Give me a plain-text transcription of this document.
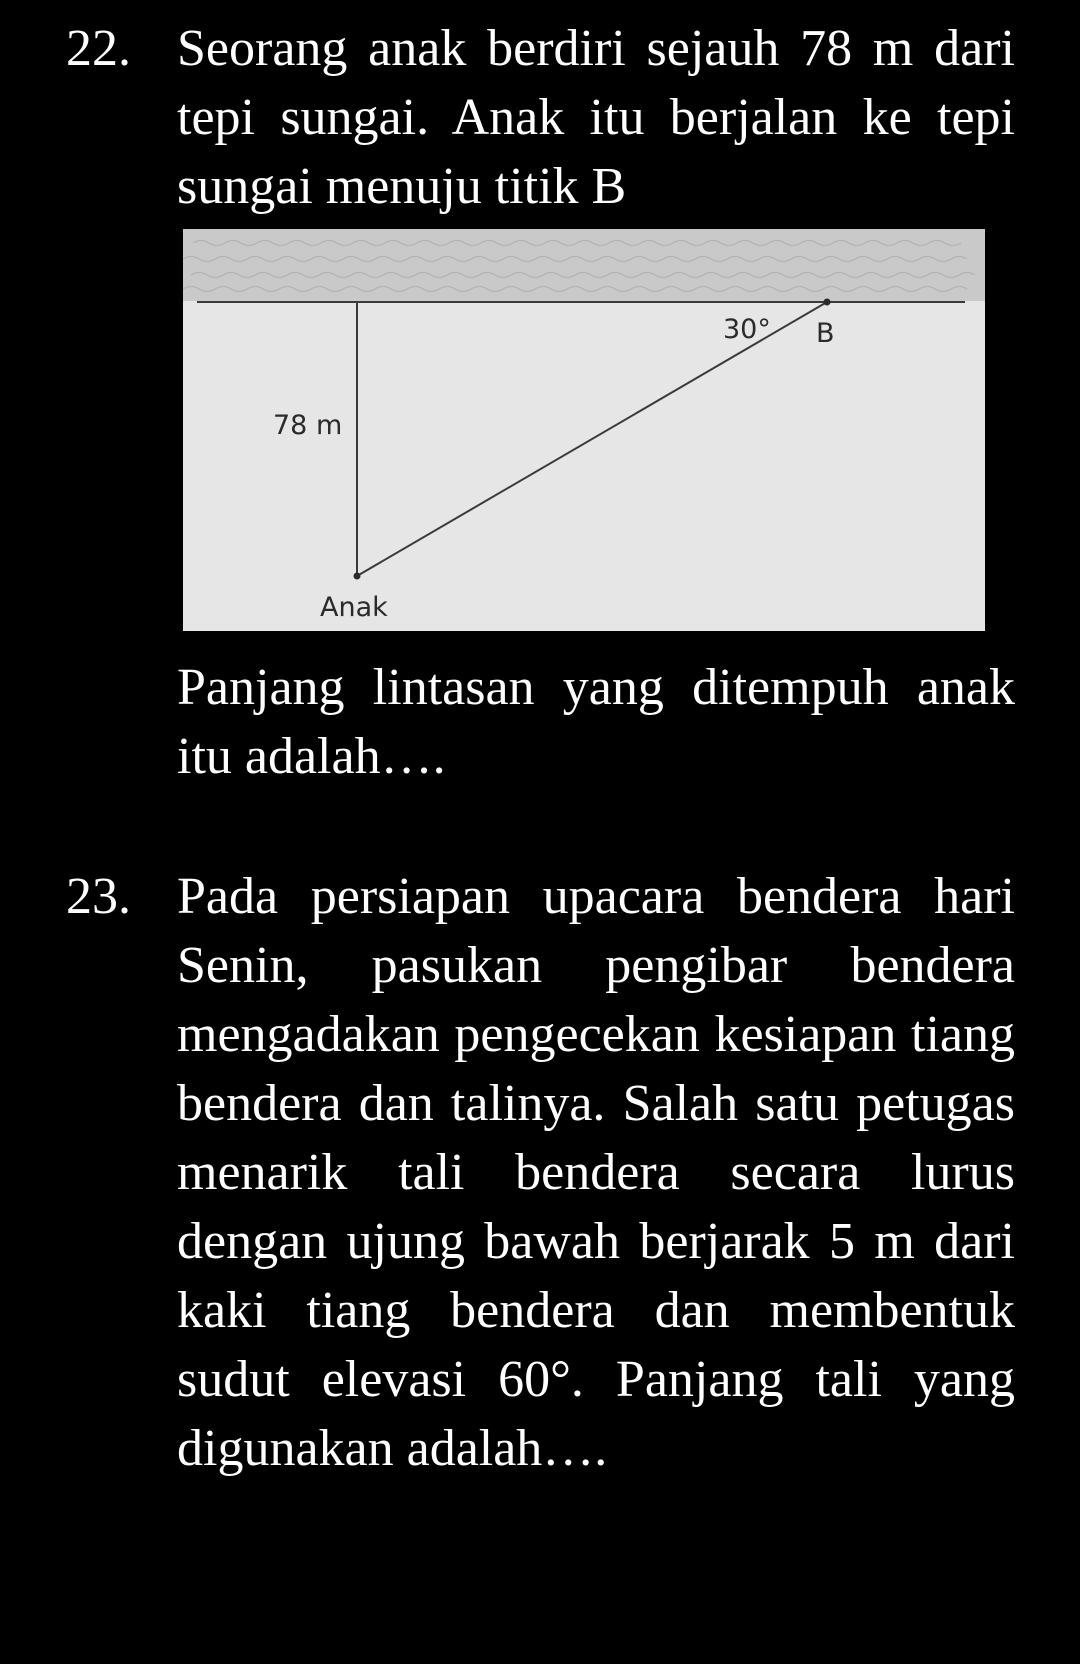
22. Seorang anak berdiri sejauh 78 m dari tepi sungai. Anak itu berjalan ke tepi sungai menuju titik B

30° B
78 m
Anak

Panjang lintasan yang ditempuh anak itu adalah….

23. Pada persiapan upacara bendera hari Senin, pasukan pengibar bendera mengadakan pengecekan kesiapan tiang bendera dan talinya. Salah satu petugas menarik tali bendera secara lurus dengan ujung bawah berjarak 5 m dari kaki tiang bendera dan membentuk sudut elevasi 60°. Panjang tali yang digunakan adalah….
